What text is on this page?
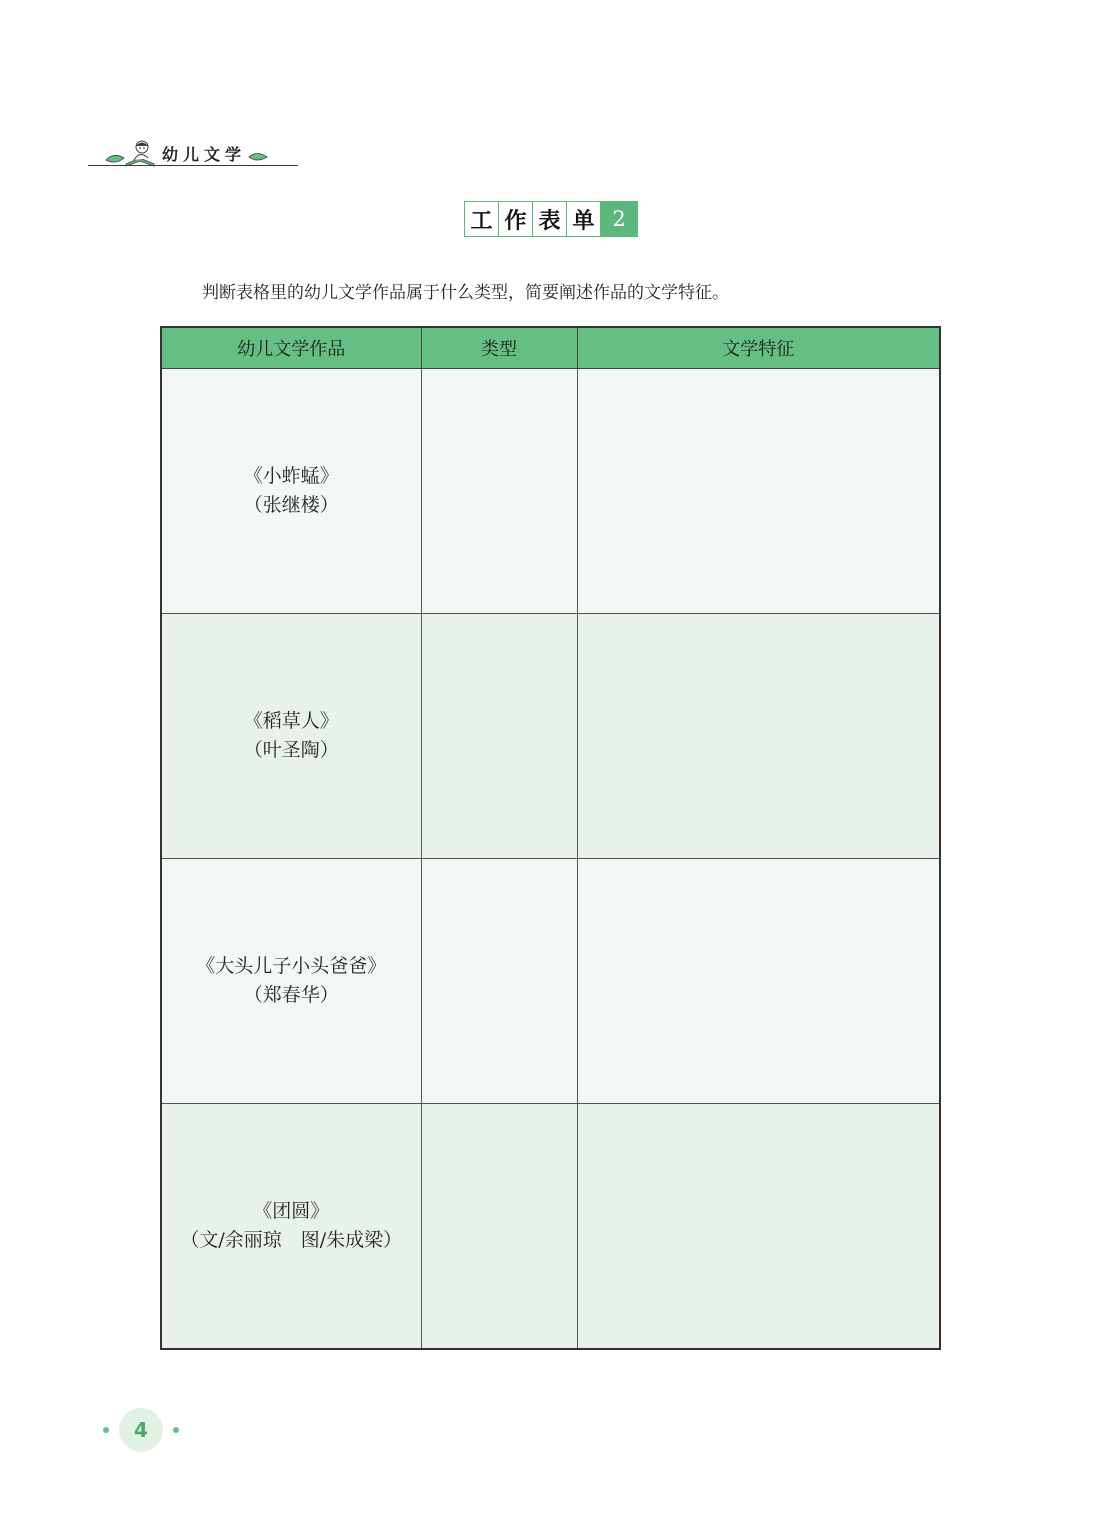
幼儿文学
工 作 表 单 2
判断表格里的幼儿文学作品属于什么类型，简要阐述作品的文学特征。
幼儿文学作品	类型	文学特征

《小蚱蜢》
（张继楼）		

《稻草人》
（叶圣陶）		

《大头儿子小头爸爸》
（郑春华）		

《团圆》
（文/余丽琼　图/朱成梁）		

4
